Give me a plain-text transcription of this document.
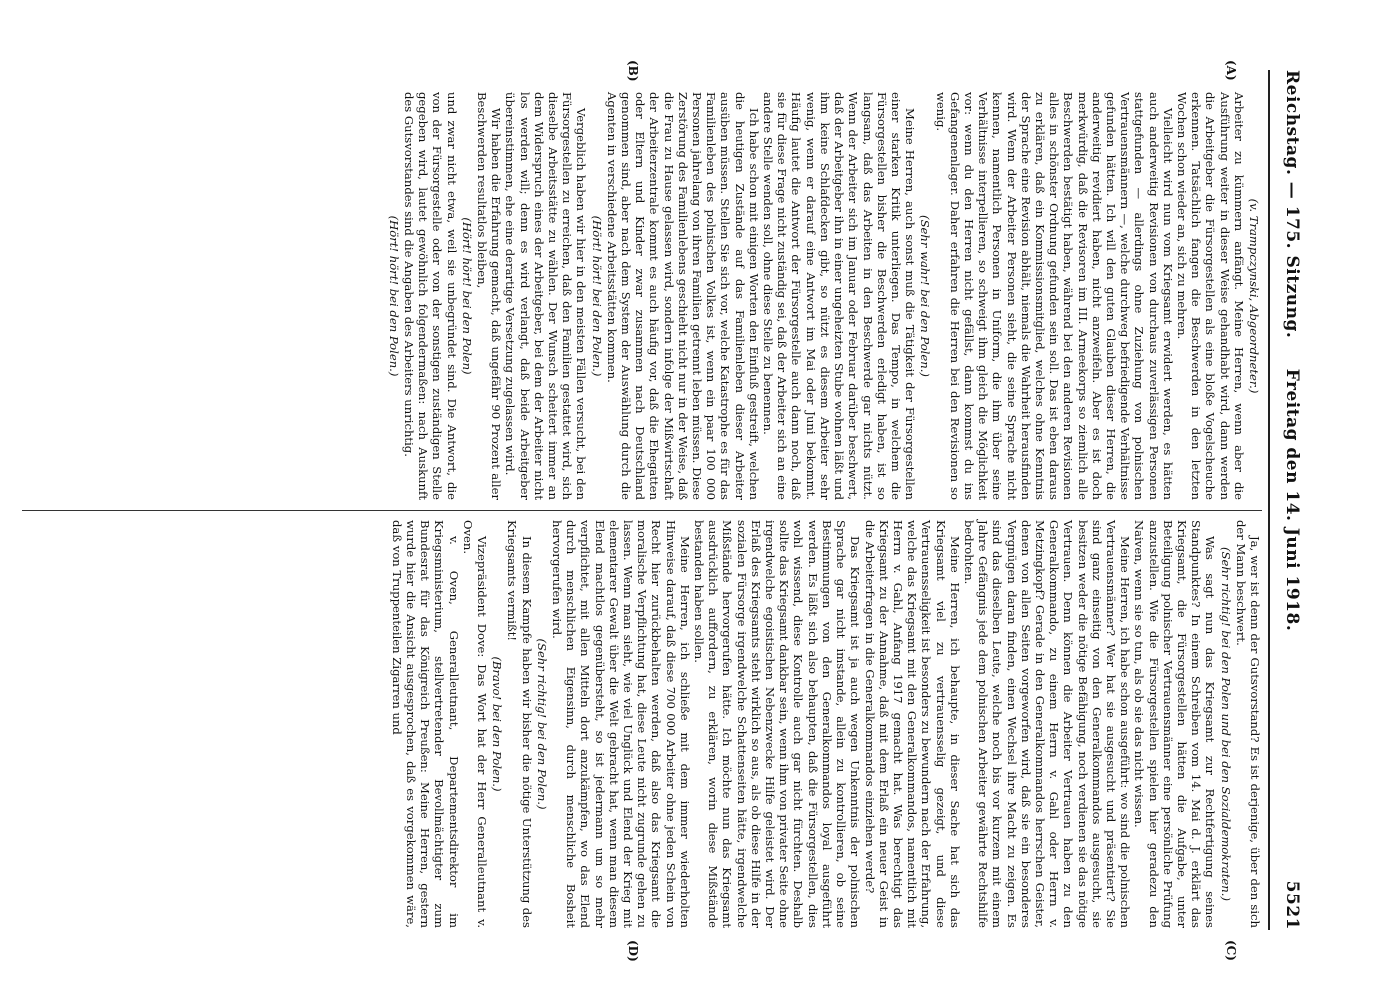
Reichstag. — 175. Sitzung.
Freitag den 14. Juni 1918.
5521
(A)
(B)
(C)
(D)

(v. Trampczynski, Abgeordneter.)

Arbeiter zu kümmern anfängt. Meine Herren, wenn aber die Ausführung weiter in dieser Weise gehandhabt wird, dann werden die Arbeitgeber die Fürsorgestellen als eine bloße Vogelscheuche erkennen. Tatsächlich fangen die Beschwerden in den letzten Wochen schon wieder an, sich zu mehren.

Vielleicht wird nun vom Kriegsamt erwidert werden, es hätten auch anderweitig Revisionen von durchaus zuverlässigen Personen stattgefunden — allerdings ohne Zuziehung von polnischen Vertrauensmännern —, welche durchweg befriedigende Verhältnisse gefunden hätten. Ich will den guten Glauben dieser Herren, die anderweitig revidiert haben, nicht anzweifeln. Aber es ist doch merkwürdig, daß die Revisoren im III. Armeekorps so ziemlich alle Beschwerden bestätigt haben, während bei den anderen Revisionen alles in schönster Ordnung gefunden sein soll. Das ist eben daraus zu erklären, daß ein Kommissionsmitglied, welches ohne Kenntnis der Sprache eine Revision abhält, niemals die Wahrheit herausfinden wird. Wenn der Arbeiter Personen sieht, die seine Sprache nicht kennen, namentlich Personen in Uniform, die ihm über seine Verhältnisse interpellieren, so schweigt ihm gleich die Möglichkeit vor: wenn du den Herren nicht gefällst, dann kommst du ins Gefangenenlager. Daher erfahren die Herren bei den Revisionen so wenig.

(Sehr wahr! bei den Polen.)

Meine Herren, auch sonst muß die Tätigkeit der Fürsorgestellen einer starken Kritik unterliegen. Das Tempo, in welchem die Fürsorgestellen bisher die Beschwerden erledigt haben, ist so langsam, daß das Arbeiten in den Beschwerde gar nichts nützt. Wenn der Arbeiter sich im Januar oder Februar darüber beschwert, daß der Arbeitgeber ihn in einer ungeheizten Stube wohnen läßt und ihm keine Schlafdecken gibt, so nützt es diesem Arbeiter sehr wenig, wenn er darauf eine Antwort im Mai oder Juni bekommt. Häufig lautet die Antwort der Fürsorgestelle auch dann noch, daß sie für diese Frage nicht zuständig sei, daß der Arbeiter sich an eine andere Stelle wenden soll, ohne diese Stelle zu benennen.

Ich habe schon mit einigen Worten den Einfluß gestreift, welchen die heutigen Zustände auf das Familienleben dieser Arbeiter ausüben müssen. Stellen Sie sich vor, welche Katastrophe es für das Familienleben des polnischen Volkes ist, wenn ein paar 100 000 Personen jahrelang von ihren Familien getrennt leben müssen. Diese Zerstörung des Familienlebens geschieht nicht nur in der Weise, daß die Frau zu Hause gelassen wird, sondern infolge der Mißwirtschaft der Arbeiterzentrale kommt es auch häufig vor, daß die Ehegatten oder Eltern und Kinder zwar zusammen nach Deutschland genommen sind, aber nach dem System der Auswählung durch die Agenten in verschiedene Arbeitsstätten kommen.

(Hört! hört! bei den Polen.)

Vergeblich haben wir hier in den meisten Fällen versucht, bei den Fürsorgestellen zu erreichen, daß den Familien gestattet wird, sich dieselbe Arbeitsstätte zu wählen. Der Wunsch scheitert immer an dem Widerspruch eines der Arbeitgeber, bei dem der Arbeiter nicht los werden will; denn es wird verlangt, daß beide Arbeitgeber übereinstimmen, ehe eine derartige Versetzung zugelassen wird.

Wir haben die Erfahrung gemacht, daß ungefähr 90 Prozent aller Beschwerden resultatlos bleiben,

(Hört! hört! bei den Polen)

und zwar nicht etwa, weil sie unbegründet sind. Die Antwort, die von der Fürsorgestelle oder von der sonstigen zuständigen Stelle gegeben wird, lautet gewöhnlich folgendermaßen: nach Auskunft des Gutsvorstandes sind die Angaben des Arbeiters unrichtig.

(Hört! hört! bei den Polen.)

Ja, wer ist denn der Gutsvorstand? Es ist derjenige, über den sich der Mann beschwert.

(Sehr richtig! bei den Polen und bei den Sozialdemokraten.)

Was sagt nun das Kriegsamt zur Rechtfertigung seines Standpunktes? In einem Schreiben vom 14. Mai d. J. erklärt das Kriegsamt, die Fürsorgestellen hätten die Aufgabe, unter Beteiligung polnischer Vertrauensmänner eine persönliche Prüfung anzustellen. Wie die Fürsorgestellen spielen hier geradezu den Naiven, wenn sie so tun, als ob sie das nicht wissen.

Meine Herren, ich habe schon ausgeführt: wo sind die polnischen Vertrauensmänner? Wer hat sie ausgesucht und präsentiert? Sie sind ganz einseitig von den Generalkommandos ausgesucht, sie besitzen weder die nötige Befähigung, noch verdienen sie das nötige Vertrauen. Denn können die Arbeiter Vertrauen haben zu den Generalkommando, zu einem Herrn v. Gahl oder Herrn v. Metzingkopf? Gerade in den Generalkommandos herrschen Geister, denen von allen Seiten vorgeworfen wird, daß sie ein besonderes Vergnügen daran finden, einen Wechsel ihre Macht zu zeigen. Es sind das dieselben Leute, welche noch bis vor kurzem mit einem Jahre Gefängnis jede dem polnischen Arbeiter gewährte Rechtshilfe bedrohten.

Meine Herren, ich behaupte, in dieser Sache hat sich das Kriegsamt viel zu vertrauensselig gezeigt, und diese Vertrauensseligkeit ist besonders zu bewundern nach der Erfahrung, welche das Kriegsamt mit den Generalkommandos, namentlich mit Herrn v. Gahl, Anfang 1917 gemacht hat. Was berechtigt das Kriegsamt zu der Annahme, daß mit dem Erlaß ein neuer Geist in die Arbeiterfragen in die Generalkommandos einziehen werde?

Das Kriegsamt ist ja auch wegen Unkenntnis der polnischen Sprache gar nicht imstande, allein zu kontrollieren, ob seine Bestimmungen von den Generalkommandos loyal ausgeführt werden. Es läßt sich also behaupten, daß die Fürsorgestellen, dies wohl wissend, diese Kontrolle auch gar nicht fürchten. Deshalb sollte das Kriegsamt dankbar sein, wenn ihm von privater Seite ohne irgendwelche egoistischen Nebenzwecke Hilfe geleistet wird. Der Erlaß des Kriegsamts steht wirklich so aus, als ob diese Hilfe in der sozialen Fürsorge irgendwelche Schattenseiten hätte, irgendwelche Mißstände hervorgerufen hätte. Ich möchte nun das Kriegsamt ausdrücklich auffordern, zu erklären, worin diese Mißstände bestanden haben sollen.

Meine Herren, ich schließe mit dem immer wiederholten Hinweise darauf, daß diese 700 000 Arbeiter ohne jeden Schein von Recht hier zurückbehalten werden, daß also das Kriegsamt die moralische Verpflichtung hat, diese Leute nicht zugrunde gehen zu lassen. Wenn man sieht, wie viel Unglück und Elend der Krieg mit elementarer Gewalt über die Welt gebracht hat, wenn man diesem Elend machtlos gegenübersteht, so ist jedermann um so mehr verpflichtet, mit allen Mitteln dort anzukämpfen, wo das Elend durch menschlichen Eigensinn, durch menschliche Bosheit hervorgerufen wird.

(Sehr richtig! bei den Polen.)

In diesem Kampfe haben wir bisher die nötige Unterstützung des Kriegsamts vermißt!

(Bravo! bei den Polen.)

Vizepräsident Dove: Das Wort hat der Herr Generalleutnant v. Oven.

v. Oven, Generalleutnant, Departementsdirektor im Kriegsministerium, stellvertretender Bevollmächtigter zum Bundesrat für das Königreich Preußen: Meine Herren, gestern wurde hier die Ansicht ausgesprochen, daß es vorgekommen wäre, daß von Truppenteilen Zigarren und
